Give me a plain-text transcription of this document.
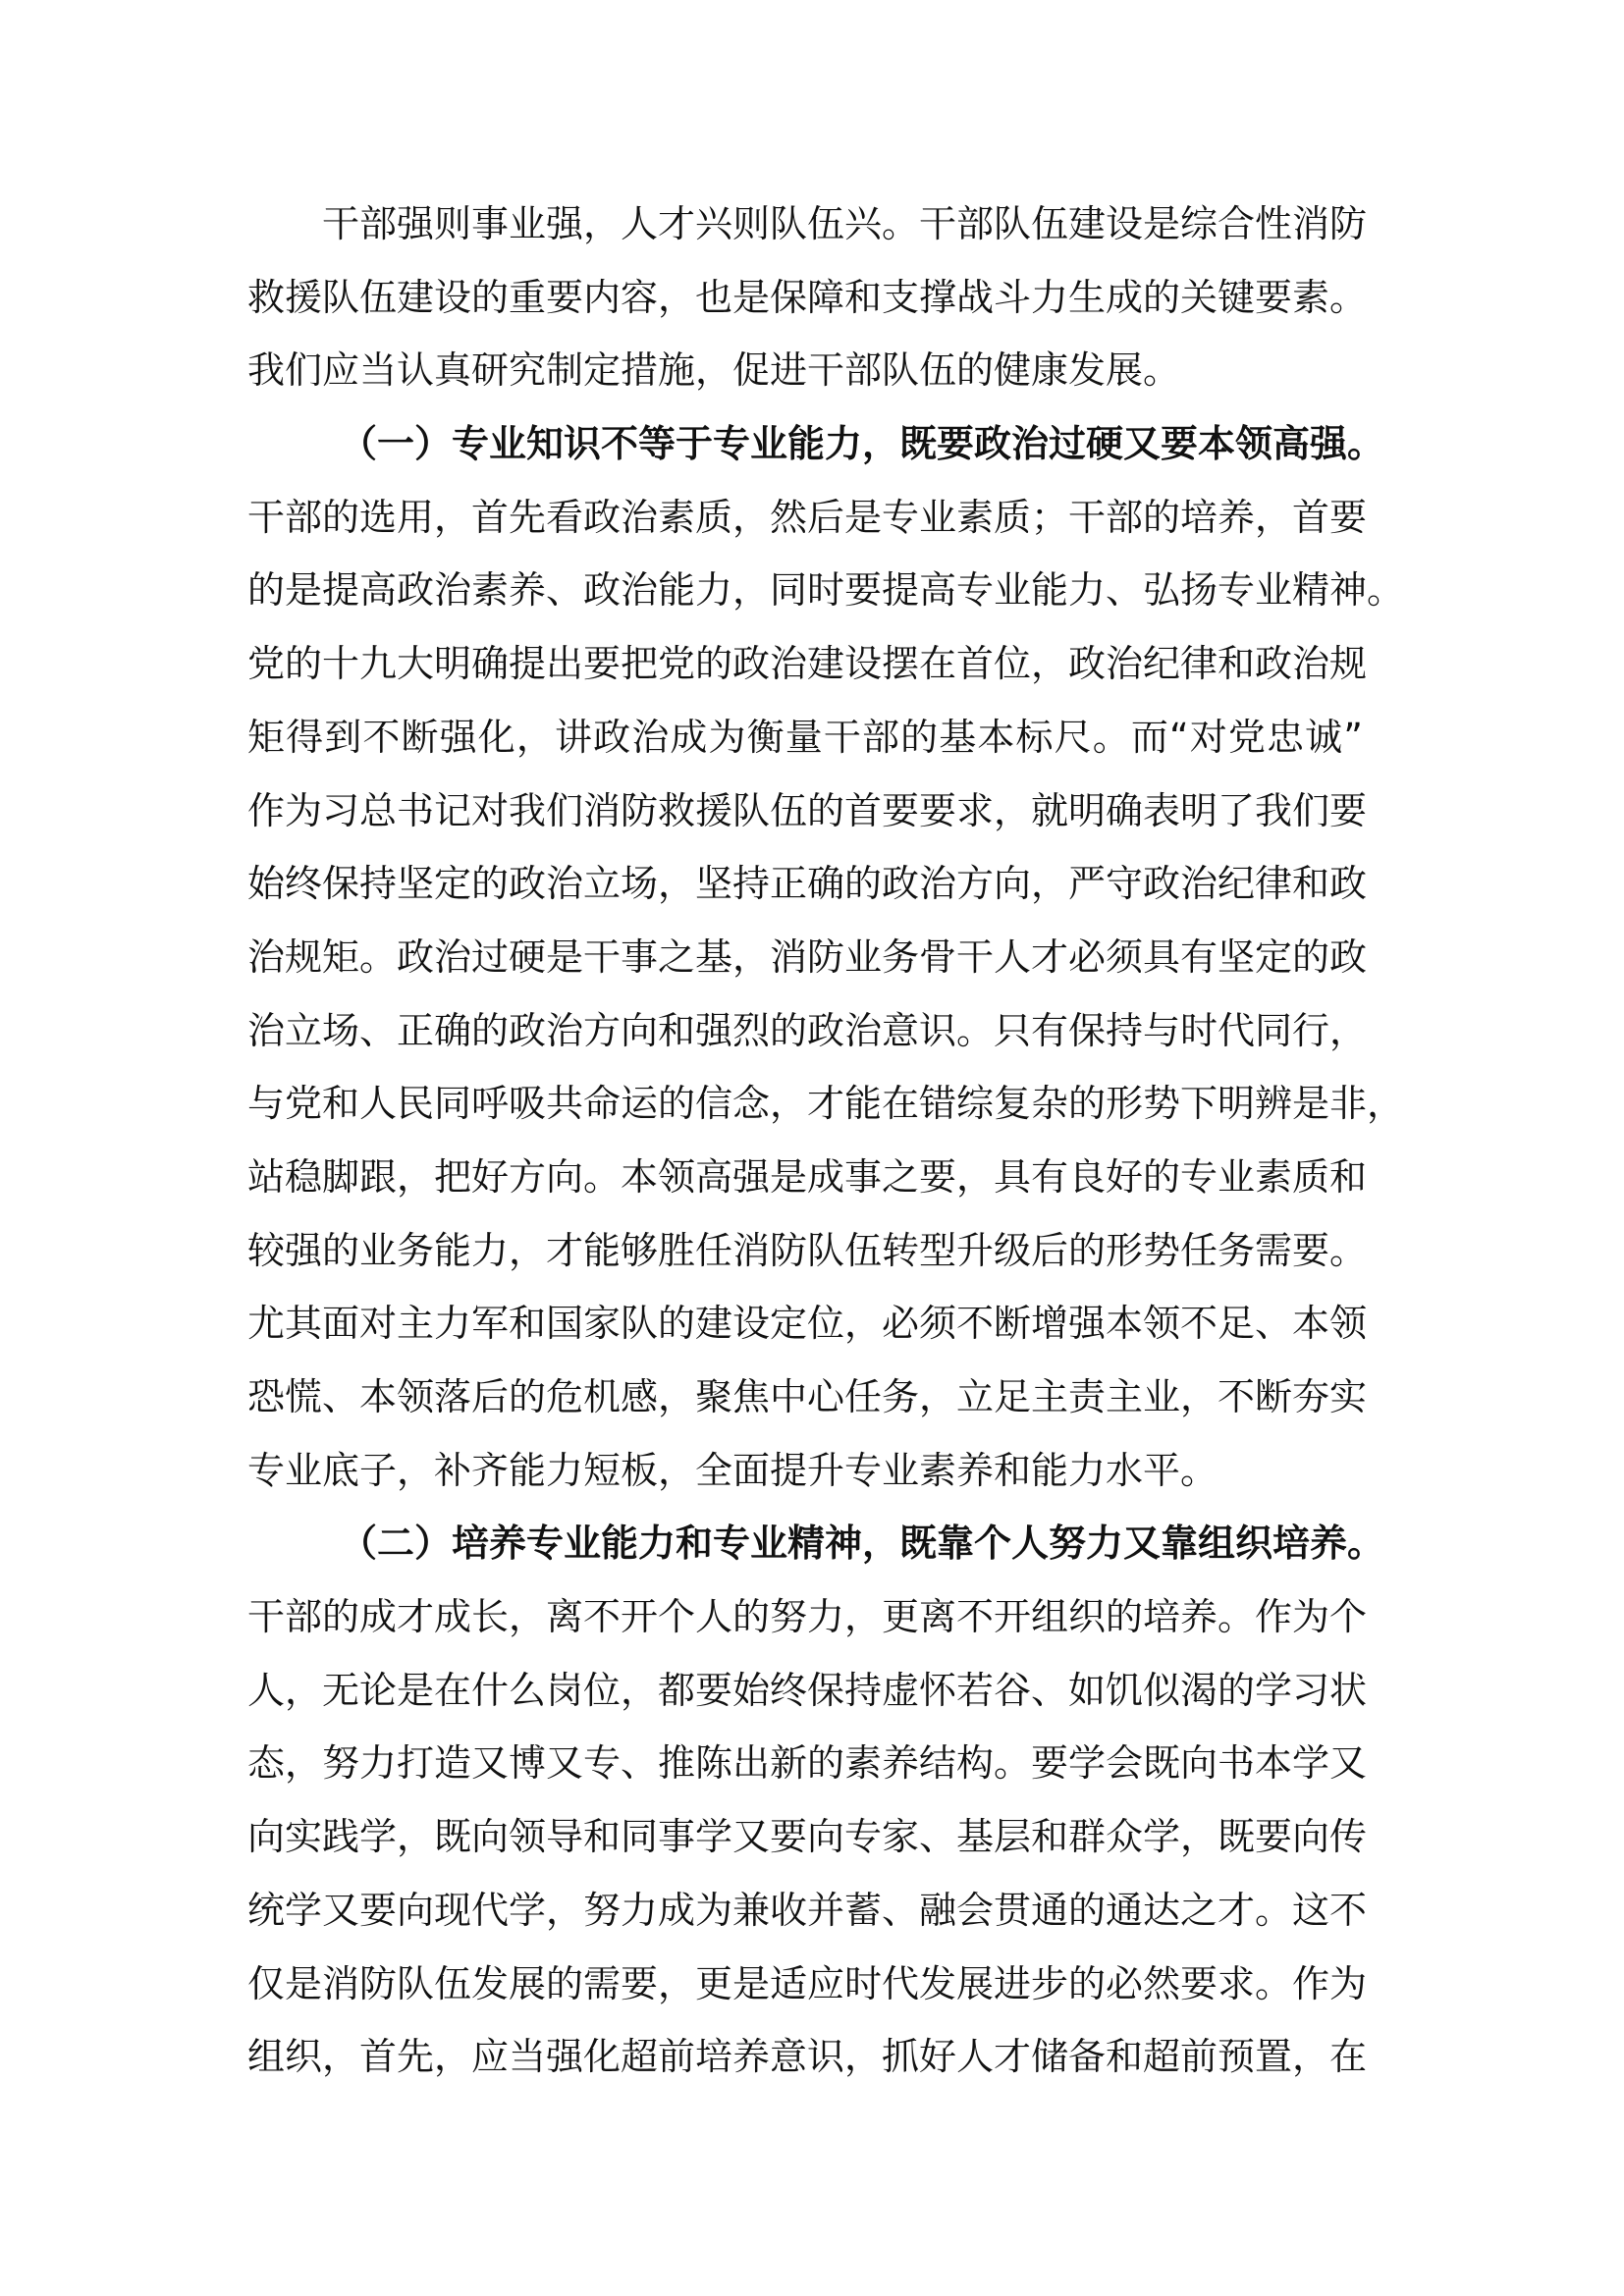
干部强则事业强，人才兴则队伍兴。干部队伍建设是综合性消防
救援队伍建设的重要内容，也是保障和支撑战斗力生成的关键要素。
我们应当认真研究制定措施，促进干部队伍的健康发展。
（一）专业知识不等于专业能力，既要政治过硬又要本领高强。
干部的选用，首先看政治素质，然后是专业素质；干部的培养，首要
的是提高政治素养、政治能力，同时要提高专业能力、弘扬专业精神。
党的十九大明确提出要把党的政治建设摆在首位，政治纪律和政治规
矩得到不断强化，讲政治成为衡量干部的基本标尺。而“对党忠诚”
作为习总书记对我们消防救援队伍的首要要求，就明确表明了我们要
始终保持坚定的政治立场，坚持正确的政治方向，严守政治纪律和政
治规矩。政治过硬是干事之基，消防业务骨干人才必须具有坚定的政
治立场、正确的政治方向和强烈的政治意识。只有保持与时代同行，
与党和人民同呼吸共命运的信念，才能在错综复杂的形势下明辨是非，
站稳脚跟，把好方向。本领高强是成事之要，具有良好的专业素质和
较强的业务能力，才能够胜任消防队伍转型升级后的形势任务需要。
尤其面对主力军和国家队的建设定位，必须不断增强本领不足、本领
恐慌、本领落后的危机感，聚焦中心任务，立足主责主业，不断夯实
专业底子，补齐能力短板，全面提升专业素养和能力水平。
（二）培养专业能力和专业精神，既靠个人努力又靠组织培养。
干部的成才成长，离不开个人的努力，更离不开组织的培养。作为个
人，无论是在什么岗位，都要始终保持虚怀若谷、如饥似渴的学习状
态，努力打造又博又专、推陈出新的素养结构。要学会既向书本学又
向实践学，既向领导和同事学又要向专家、基层和群众学，既要向传
统学又要向现代学，努力成为兼收并蓄、融会贯通的通达之才。这不
仅是消防队伍发展的需要，更是适应时代发展进步的必然要求。作为
组织，首先，应当强化超前培养意识，抓好人才储备和超前预置，在
